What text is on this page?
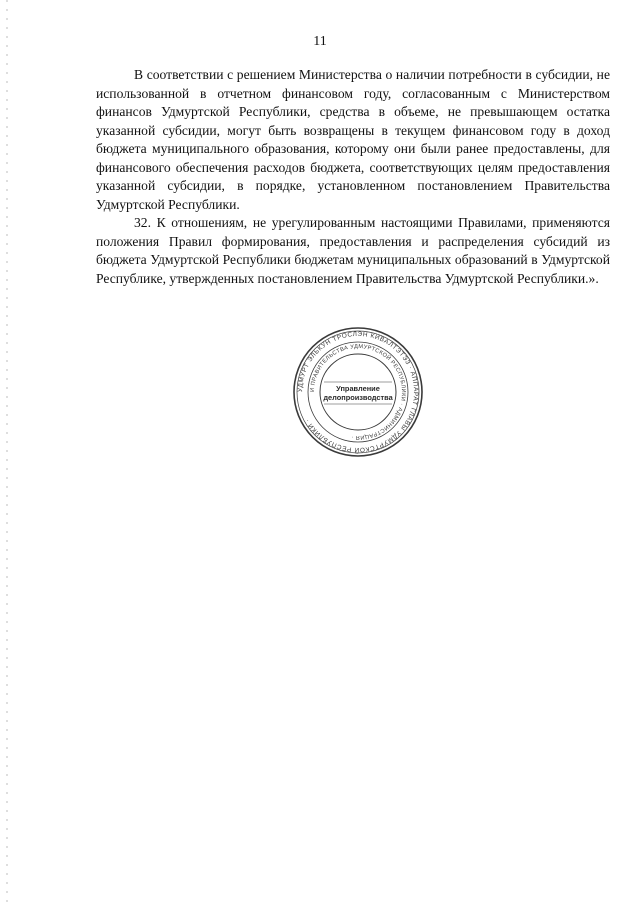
11

В соответствии с решением Министерства о наличии потребности в субсидии, не использованной в отчетном финансовом году, согласованным с Министерством финансов Удмуртской Республики, средства в объеме, не превышающем остатка указанной субсидии, могут быть возвращены в текущем финансовом году в доход бюджета муниципального образования, которому они были ранее предоставлены, для финансового обеспечения расходов бюджета, соответствующих целям предоставления указанной субсидии, в порядке, установленном постановлением Правительства Удмуртской Республики.

32. К отношениям, не урегулированным настоящими Правилами, применяются положения Правил формирования, предоставления и распределения субсидий из бюджета Удмуртской Республики бюджетам муниципальных образований в Удмуртской Республике, утвержденных постановлением Правительства Удмуртской Республики.».

УДМУРТ ЭЛЬКУН ТРОСЛЭН КИВАЛТЭТЭЗ · АППАРАТ ГЛАВЫ УДМУРТСКОЙ РЕСПУБЛИКИ ·
И ПРАВИТЕЛЬСТВА УДМУРТСКОЙ РЕСПУБЛИКИ · АДМИНИСТРАЦИЯ ·
Управление
делопроизводства
